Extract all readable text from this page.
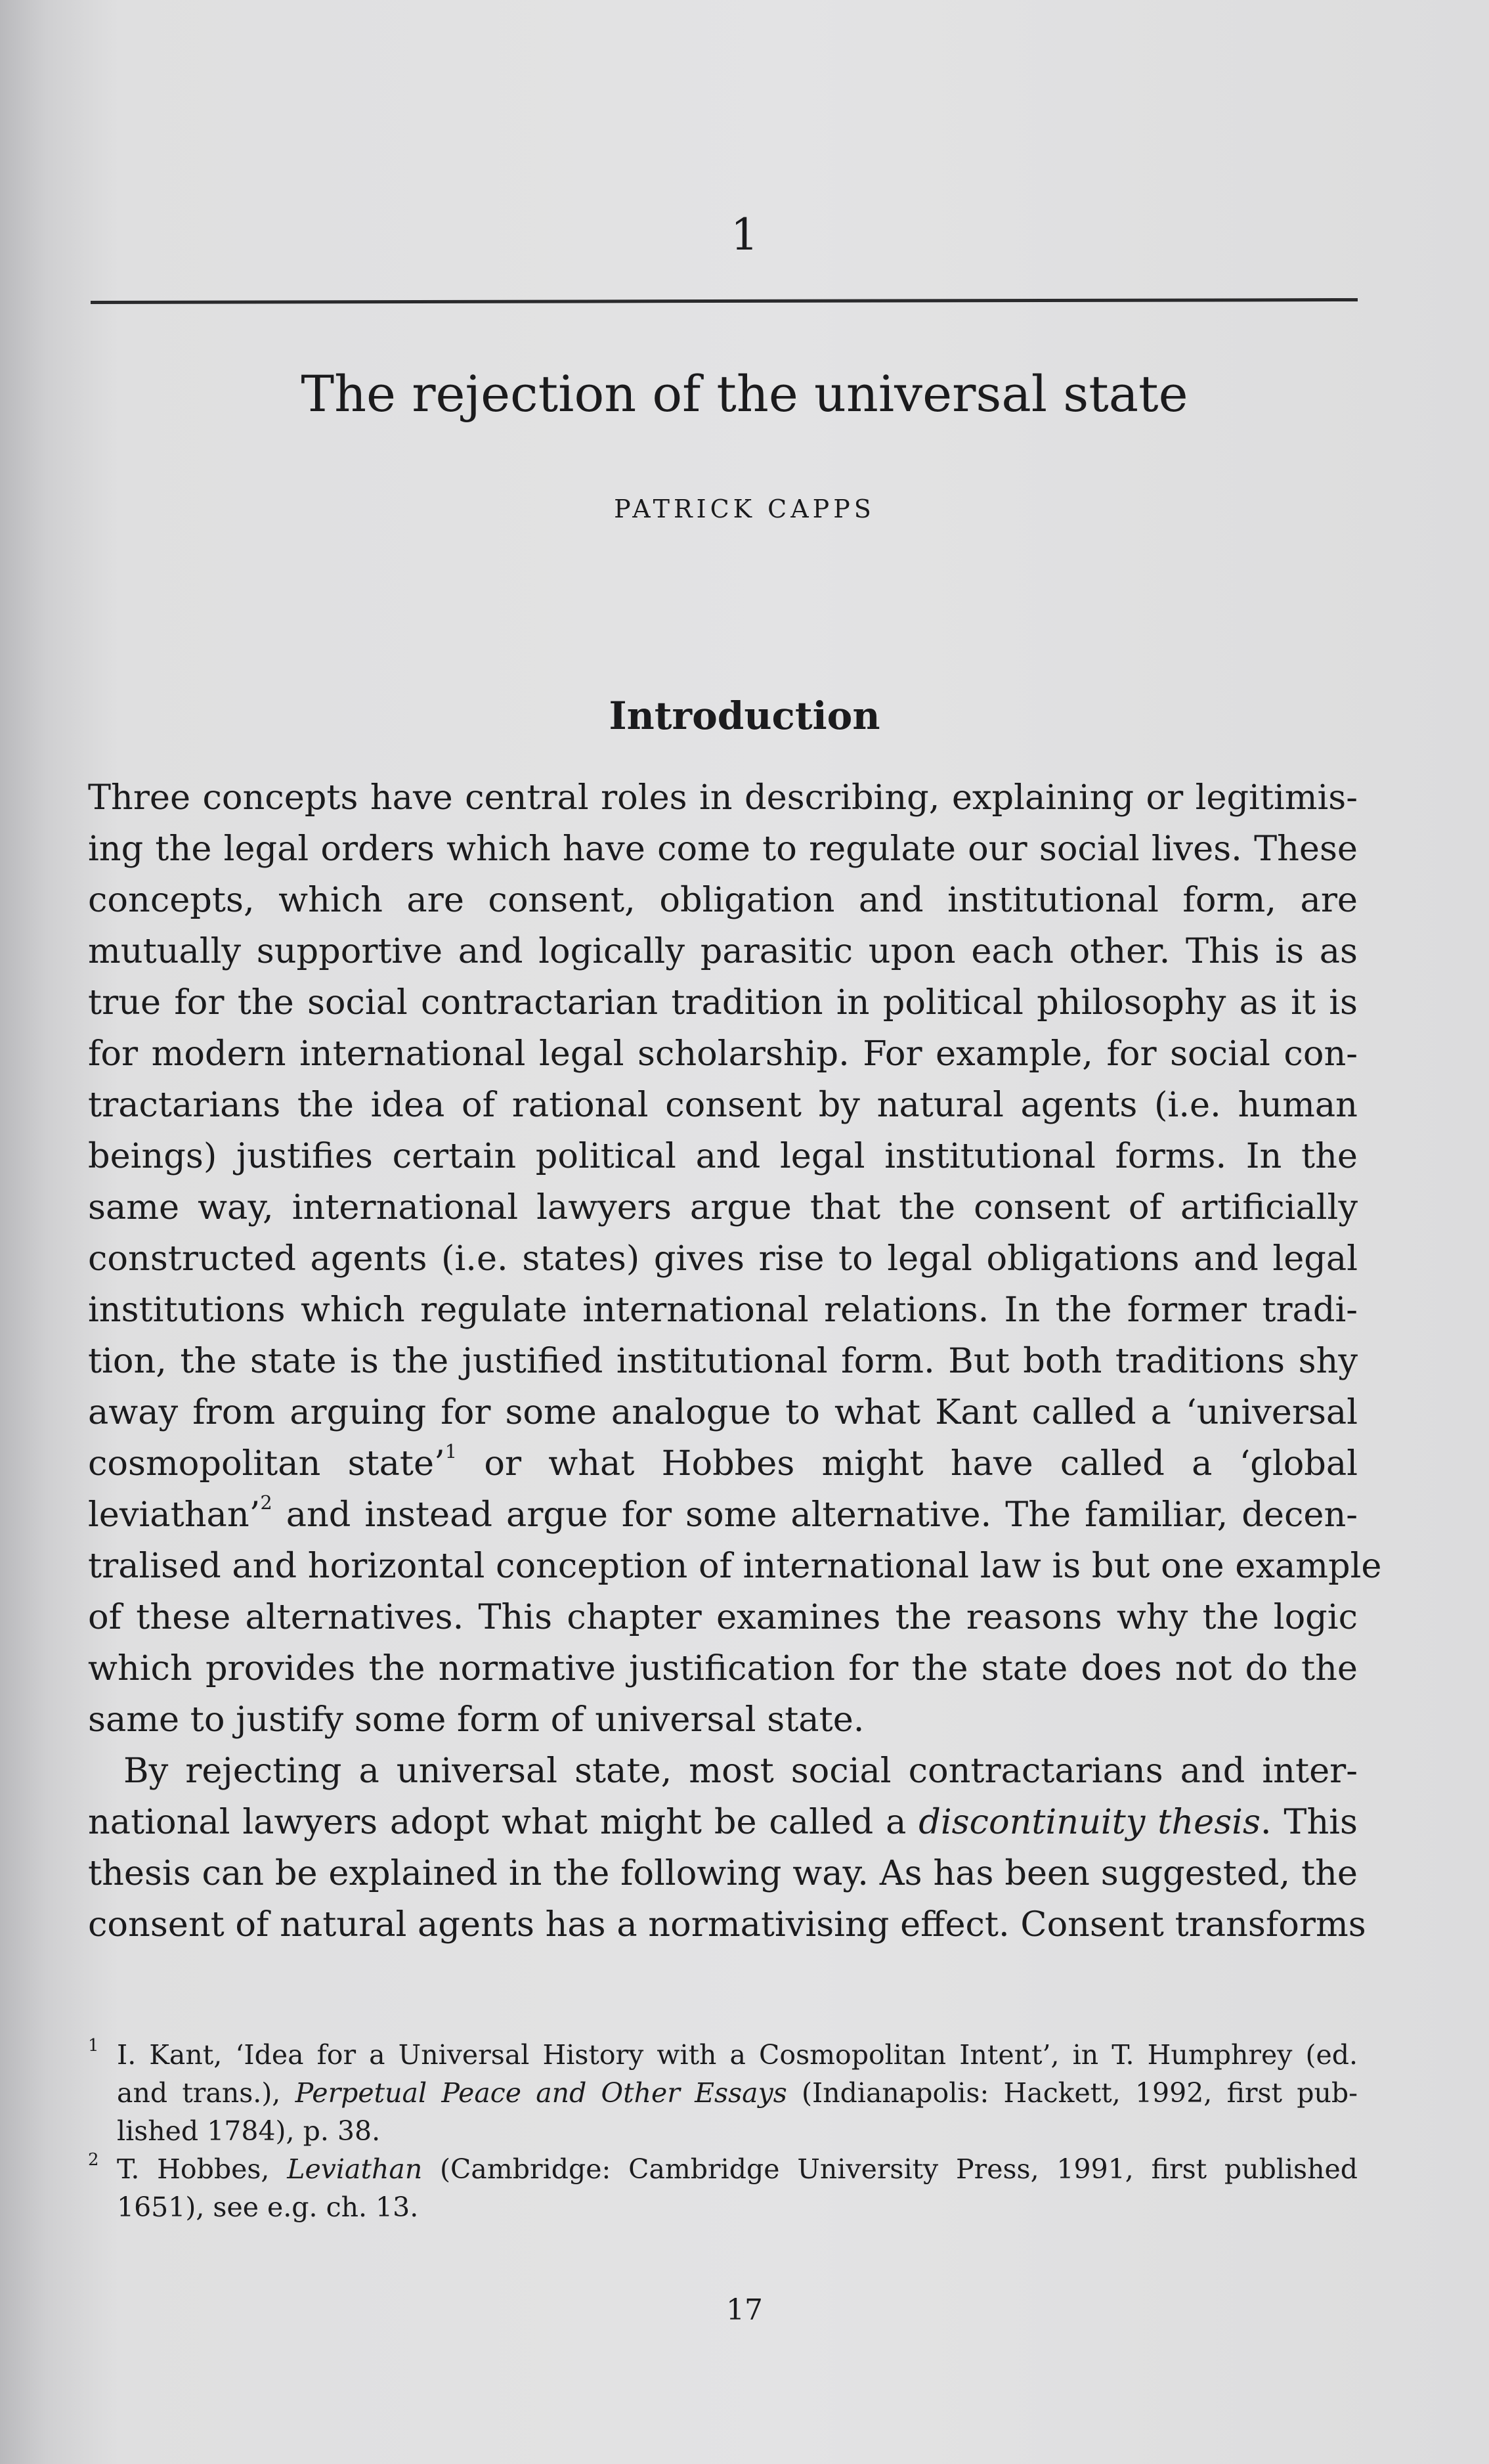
1
The rejection of the universal state
PATRICK CAPPS
Introduction
Three concepts have central roles in describing, explaining or legitimis-
ing the legal orders which have come to regulate our social lives. These
concepts, which are consent, obligation and institutional form, are
mutually supportive and logically parasitic upon each other. This is as
true for the social contractarian tradition in political philosophy as it is
for modern international legal scholarship. For example, for social con-
tractarians the idea of rational consent by natural agents (i.e. human
beings) justifies certain political and legal institutional forms. In the
same way, international lawyers argue that the consent of artificially
constructed agents (i.e. states) gives rise to legal obligations and legal
institutions which regulate international relations. In the former tradi-
tion, the state is the justified institutional form. But both traditions shy
away from arguing for some analogue to what Kant called a ‘universal
cosmopolitan state’$^1$ or what Hobbes might have called a ‘global
leviathan’$^2$ and instead argue for some alternative. The familiar, decen-
tralised and horizontal conception of international law is but one example
of these alternatives. This chapter examines the reasons why the logic
which provides the normative justification for the state does not do the
same to justify some form of universal state.
By rejecting a universal state, most social contractarians and inter-
national lawyers adopt what might be called a discontinuity thesis. This
thesis can be explained in the following way. As has been suggested, the
consent of natural agents has a normativising effect. Consent transforms
1 I. Kant, ‘Idea for a Universal History with a Cosmopolitan Intent’, in T. Humphrey (ed.
and trans.), Perpetual Peace and Other Essays (Indianapolis: Hackett, 1992, first pub-
lished 1784), p. 38.
2 T. Hobbes, Leviathan (Cambridge: Cambridge University Press, 1991, first published
1651), see e.g. ch. 13.
17
